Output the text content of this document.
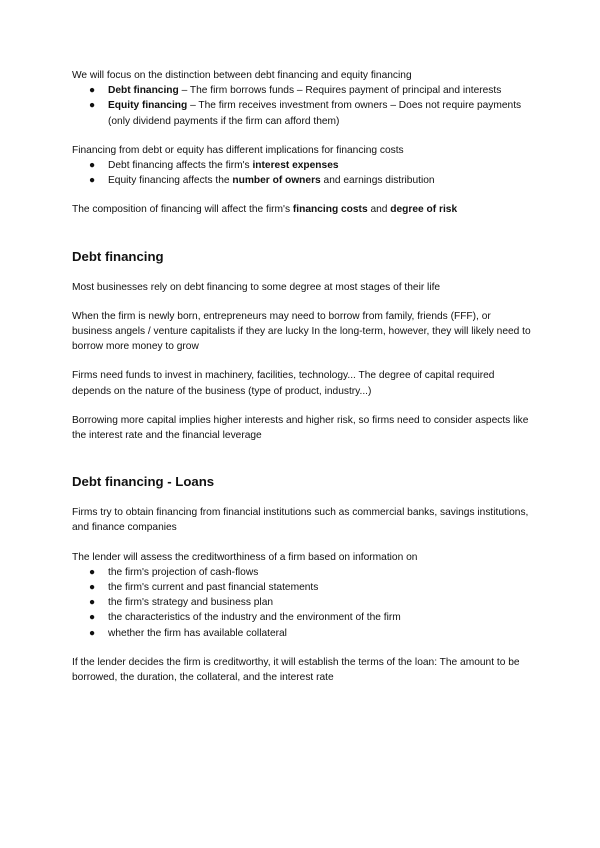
We will focus on the distinction between debt financing and equity financing

● Debt financing – The firm borrows funds – Requires payment of principal and interests
● Equity financing – The firm receives investment from owners – Does not require payments (only dividend payments if the firm can afford them)

Financing from debt or equity has different implications for financing costs

● Debt financing affects the firm's interest expenses
● Equity financing affects the number of owners and earnings distribution

The composition of financing will affect the firm's financing costs and degree of risk

Debt financing

Most businesses rely on debt financing to some degree at most stages of their life

When the firm is newly born, entrepreneurs may need to borrow from family, friends (FFF), or business angels / venture capitalists if they are lucky In the long-term, however, they will likely need to borrow more money to grow

Firms need funds to invest in machinery, facilities, technology... The degree of capital required depends on the nature of the business (type of product, industry...)

Borrowing more capital implies higher interests and higher risk, so firms need to consider aspects like the interest rate and the financial leverage

Debt financing - Loans

Firms try to obtain financing from financial institutions such as commercial banks, savings institutions, and finance companies

The lender will assess the creditworthiness of a firm based on information on

● the firm's projection of cash-flows
● the firm's current and past financial statements
● the firm's strategy and business plan
● the characteristics of the industry and the environment of the firm
● whether the firm has available collateral

If the lender decides the firm is creditworthy, it will establish the terms of the loan: The amount to be borrowed, the duration, the collateral, and the interest rate
